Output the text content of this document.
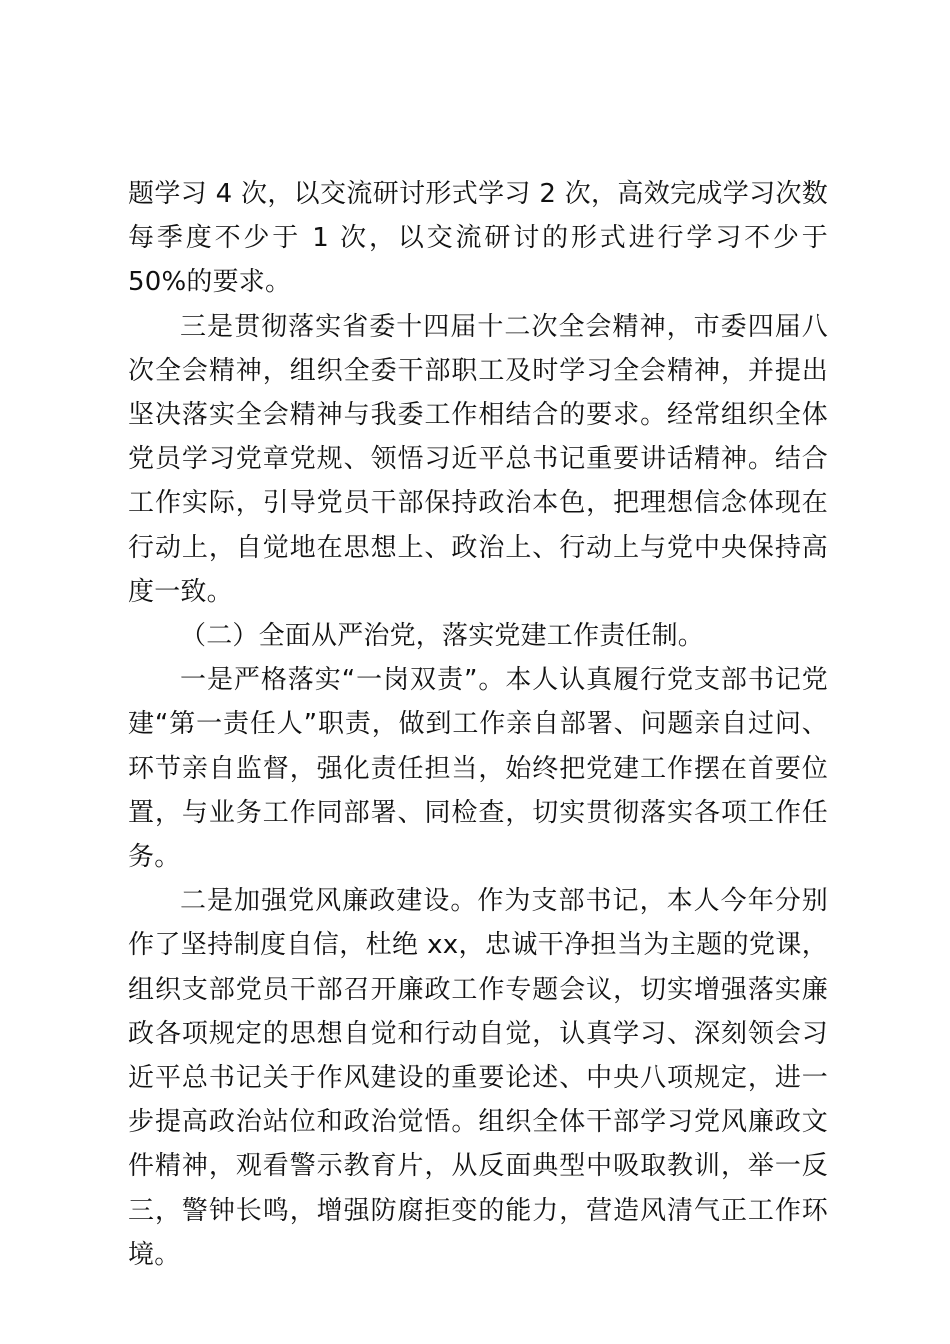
题学习 4 次，以交流研讨形式学习 2 次，高效完成学习次数每季度不少于 1 次，以交流研讨的形式进行学习不少于 50%的要求。

三是贯彻落实省委十四届十二次全会精神，市委四届八次全会精神，组织全委干部职工及时学习全会精神，并提出坚决落实全会精神与我委工作相结合的要求。经常组织全体党员学习党章党规、领悟习近平总书记重要讲话精神。结合工作实际，引导党员干部保持政治本色，把理想信念体现在行动上，自觉地在思想上、政治上、行动上与党中央保持高度一致。

（二）全面从严治党，落实党建工作责任制。

一是严格落实“一岗双责”。本人认真履行党支部书记党建“第一责任人”职责，做到工作亲自部署、问题亲自过问、环节亲自监督，强化责任担当，始终把党建工作摆在首要位置，与业务工作同部署、同检查，切实贯彻落实各项工作任务。

二是加强党风廉政建设。作为支部书记，本人今年分别作了坚持制度自信，杜绝 xx，忠诚干净担当为主题的党课，组织支部党员干部召开廉政工作专题会议，切实增强落实廉政各项规定的思想自觉和行动自觉，认真学习、深刻领会习近平总书记关于作风建设的重要论述、中央八项规定，进一步提高政治站位和政治觉悟。组织全体干部学习党风廉政文件精神，观看警示教育片，从反面典型中吸取教训，举一反三，警钟长鸣，增强防腐拒变的能力，营造风清气正工作环境。
